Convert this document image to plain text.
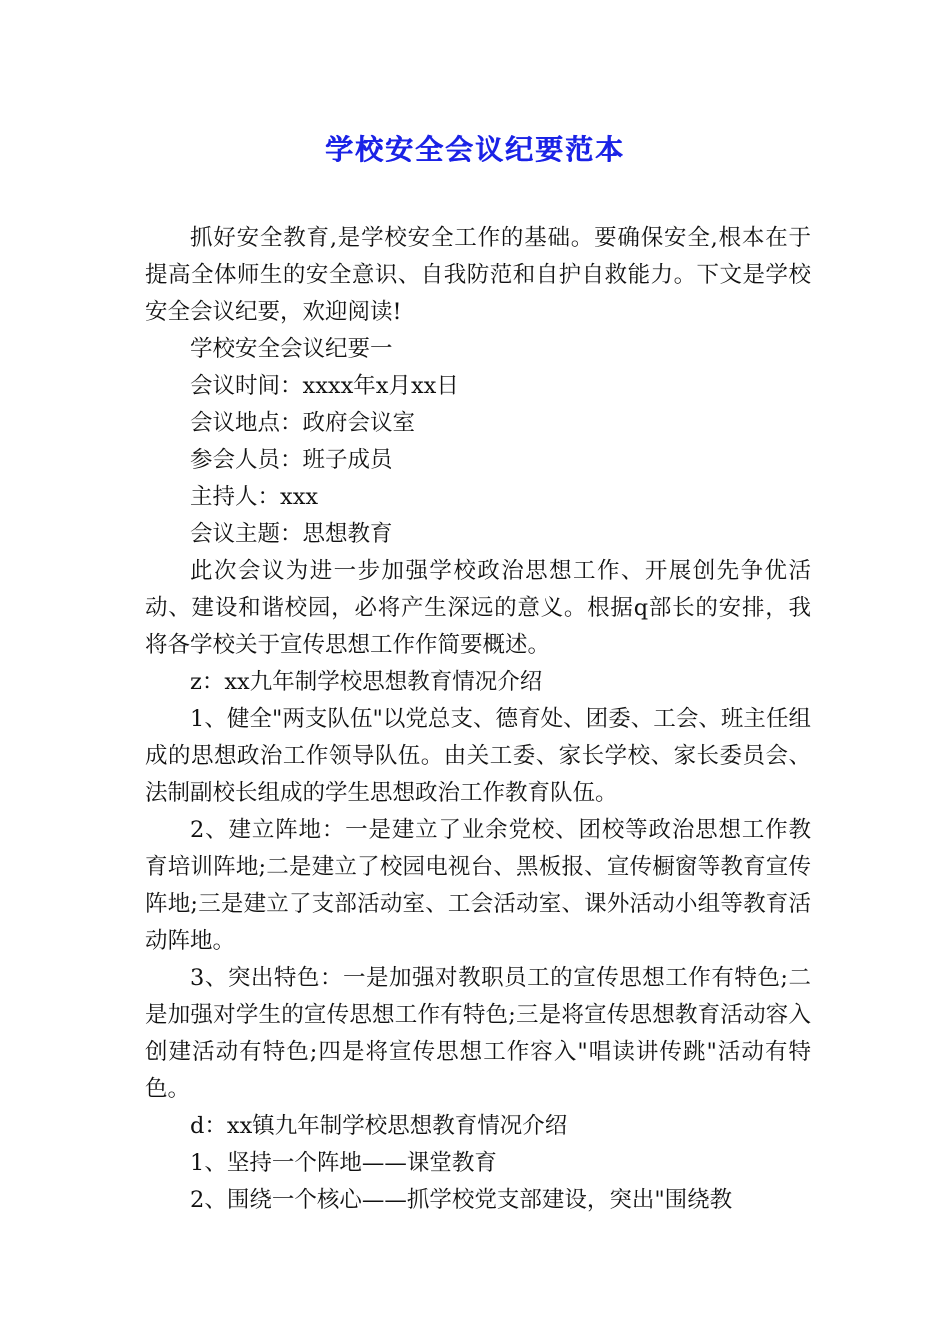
学校安全会议纪要范本

抓好安全教育,是学校安全工作的基础。要确保安全,根本在于提高全体师生的安全意识、自我防范和自护自救能力。下文是学校安全会议纪要，欢迎阅读!

学校安全会议纪要一

会议时间：xxxx年x月xx日

会议地点：政府会议室

参会人员：班子成员

主持人：xxx

会议主题：思想教育

此次会议为进一步加强学校政治思想工作、开展创先争优活动、建设和谐校园，必将产生深远的意义。根据q部长的安排，我将各学校关于宣传思想工作作简要概述。

z：xx九年制学校思想教育情况介绍

1、健全"两支队伍"以党总支、德育处、团委、工会、班主任组成的思想政治工作领导队伍。由关工委、家长学校、家长委员会、法制副校长组成的学生思想政治工作教育队伍。

2、建立阵地：一是建立了业余党校、团校等政治思想工作教育培训阵地;二是建立了校园电视台、黑板报、宣传橱窗等教育宣传阵地;三是建立了支部活动室、工会活动室、课外活动小组等教育活动阵地。

3、突出特色：一是加强对教职员工的宣传思想工作有特色;二是加强对学生的宣传思想工作有特色;三是将宣传思想教育活动容入创建活动有特色;四是将宣传思想工作容入"唱读讲传跳"活动有特色。

d：xx镇九年制学校思想教育情况介绍

1、坚持一个阵地——课堂教育

2、围绕一个核心——抓学校党支部建设，突出"围绕教
